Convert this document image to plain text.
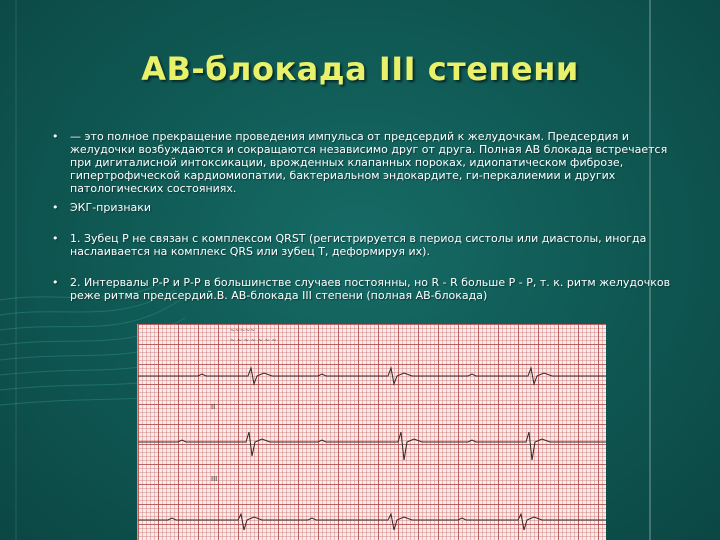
АВ-блокада III степени
• — это полное прекращение проведения импульса от предсердий к желудочкам. Предсердия и желудочки возбуждаются и сокращаются независимо друг от друга. Полная АВ блокада встречается при дигиталисной интоксикации, врожденных клапанных пороках, идиопатическом фиброзе, гипертрофической кардиомиопатии, бактериальном эндокардите, ги-перкалиемии и других патологических состояниях.
• ЭКГ-признаки
• 1. Зубец Р не связан с комплексом QRST (регистрируется в период систолы или диастолы, иногда наслаивается на комплекс QRS или зубец Т, деформируя их).
• 2. Интервалы Р-Р и Р-Р в большинстве случаев постоянны, но R - R больше Р - Р, т. к. ритм желудочков реже ритма предсердий.В. АВ-блокада III степени (полная АВ-блокада)
~~~~~
~ ~ ~ ~ ~ ~ ~
II
III
